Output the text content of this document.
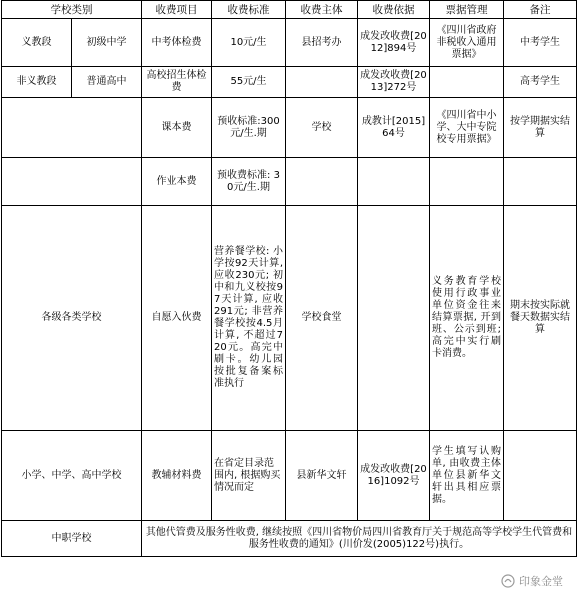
学校类别		收费项目	收费标准	收费主体	收费依据	票据管理	备注
义教段	初级中学	中考体检费	10元/生	县招考办	成发改收费[2012]894号	《四川省政府非税收入通用票据》	中考学生
非义教段	普通高中	高校招生体检费	55元/生		成发改收费[2013]272号		高考学生
		课本费	预收标准:300元/生.期	学校	成教计[2015]64号	《四川省中小学、大中专院校专用票据》	按学期据实结算
		作业本费	预收费标准: 30元/生.期				
各级各类学校		自愿入伙费	营养餐学校: 小学按92天计算, 应收230元; 初中和九义校按97天计算, 应收291元; 非营养餐学校按4.5月计算, 不超过720元。高完中刷卡。幼儿园按批复备案标准执行	学校食堂		义务教育学校使用行政事业单位资金往来结算票据, 开到班、公示到班; 高完中实行刷卡消费。	期末按实际就餐天数据实结算
小学、中学、高中学校		教辅材料费	在省定目录范围内, 根据购买情况而定	县新华文轩	成发改收费[2016]1092号	学生填写认购单, 由收费主体单位县新华文轩出具相应票据。	
中职学校		其他代管费及服务性收费, 继续按照《四川省物价局四川省教育厅关于规范高等学校学生代管费和服务性收费的通知》(川价发(2005)122号)执行。					
印象金堂
